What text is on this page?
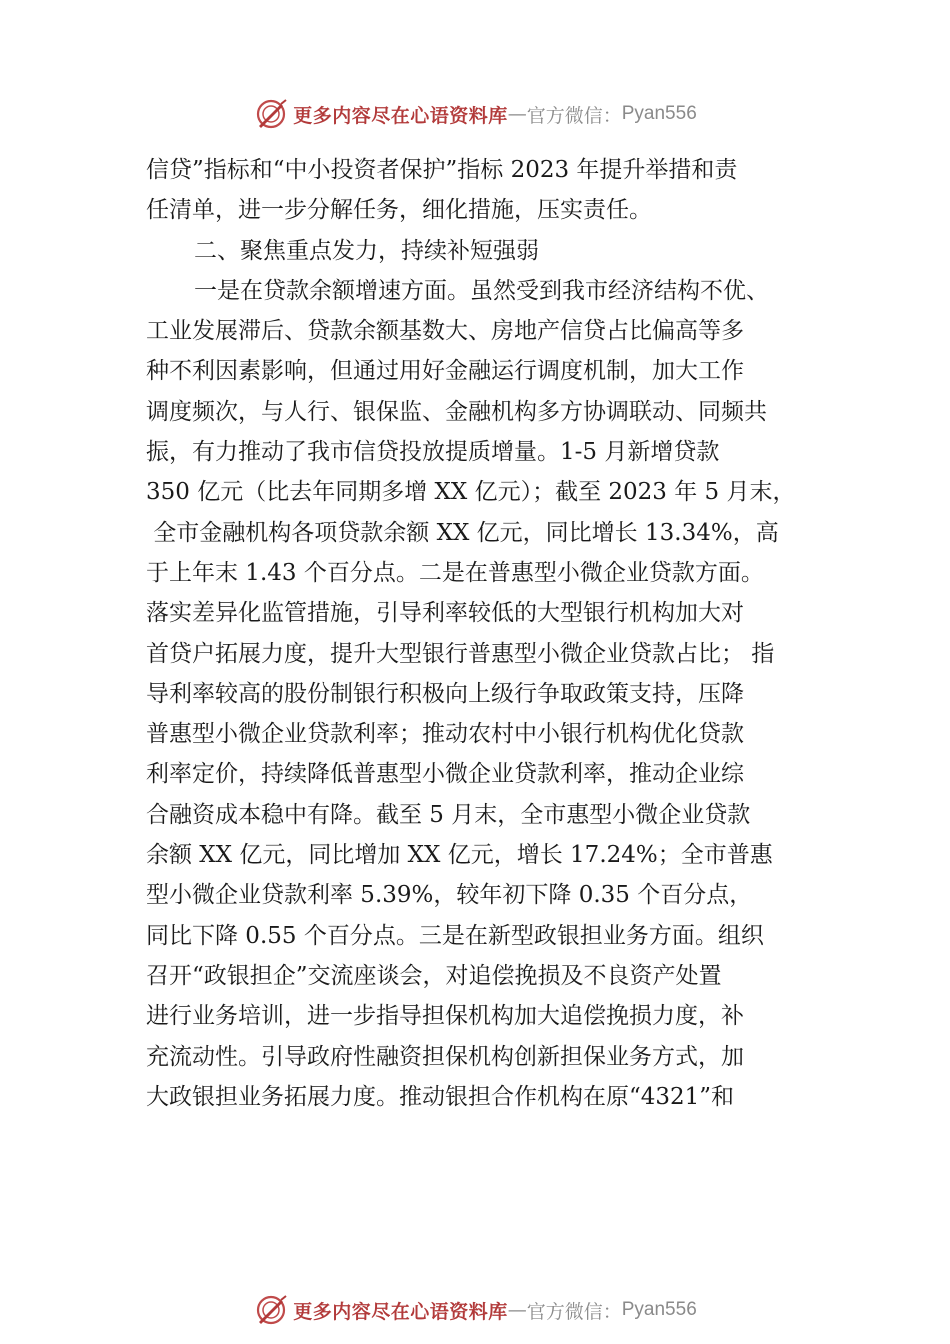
更多内容尽在心语资料库 — 官方微信： Pyan556
信贷”指标和“中小投资者保护”指标 2023 年提升举措和责
任清单，进一步分解任务，细化措施，压实责任。
二、聚焦重点发力，持续补短强弱
一是在贷款余额增速方面。虽然受到我市经济结构不优、
工业发展滞后、贷款余额基数大、房地产信贷占比偏高等多
种不利因素影响，但通过用好金融运行调度机制，加大工作
调度频次，与人行、银保监、金融机构多方协调联动、同频共
振，有力推动了我市信贷投放提质增量。1-5 月新增贷款
350 亿元（比去年同期多增 XX 亿元）；截至 2023 年 5 月末，
全市金融机构各项贷款余额 XX 亿元，同比增长 13.34%，高
于上年末 1.43 个百分点。二是在普惠型小微企业贷款方面。
落实差异化监管措施，引导利率较低的大型银行机构加大对
首贷户拓展力度，提升大型银行普惠型小微企业贷款占比； 指
导利率较高的股份制银行积极向上级行争取政策支持，压降
普惠型小微企业贷款利率；推动农村中小银行机构优化贷款
利率定价，持续降低普惠型小微企业贷款利率，推动企业综
合融资成本稳中有降。截至 5 月末，全市惠型小微企业贷款
余额 XX 亿元，同比增加 XX 亿元，增长 17.24%；全市普惠
型小微企业贷款利率 5.39%，较年初下降 0.35 个百分点，
同比下降 0.55 个百分点。三是在新型政银担业务方面。组织
召开“政银担企”交流座谈会，对追偿挽损及不良资产处置
进行业务培训，进一步指导担保机构加大追偿挽损力度，补
充流动性。引导政府性融资担保机构创新担保业务方式，加
大政银担业务拓展力度。推动银担合作机构在原“4321”和
更多内容尽在心语资料库 — 官方微信： Pyan556
